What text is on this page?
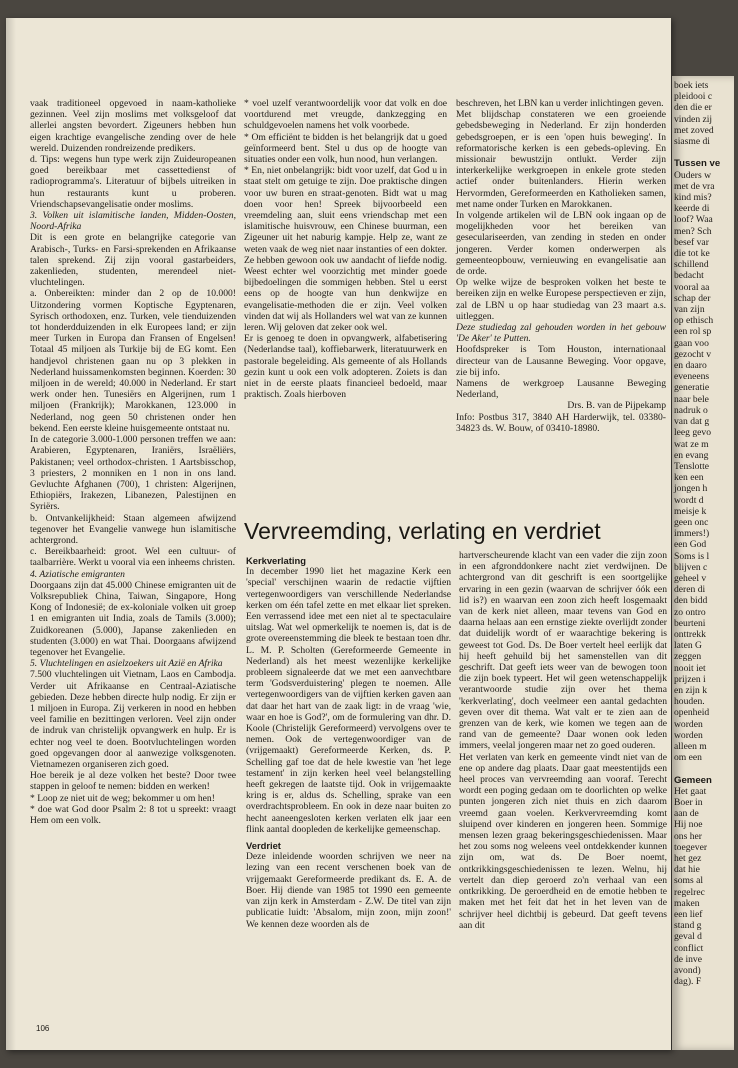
vaak traditioneel opgevoed in naam-katholieke gezinnen. Veel zijn moslims met volksgeloof dat allerlei angsten bevordert. Zigeuners hebben hun eigen krachtige evangelische zending over de hele wereld. Duizenden rondreizende predikers.

d. Tips: wegens hun type werk zijn Zuideuropeanen goed bereikbaar met cassettedienst of radioprogramma's. Literatuur of bijbels uitreiken in hun restaurants kunt u proberen. Vriendschapsevangelisatie onder moslims.

3. Volken uit islamitische landen, Midden-Oosten, Noord-Afrika

Dit is een grote en belangrijke categorie van Arabisch-, Turks- en Farsi-sprekenden en Afrikaanse talen sprekend. Zij zijn vooral gastarbeiders, zakenlieden, studenten, merendeel niet-vluchtelingen.

a. Onbereikten: minder dan 2 op de 10.000! Uitzondering vormen Koptische Egyptenaren, Syrisch orthodoxen, enz. Turken, vele tienduizenden tot honderdduizenden in elk Europees land; er zijn meer Turken in Europa dan Fransen of Engelsen! Totaal 45 miljoen als Turkije bij de EG komt. Een handjevol christenen gaan nu op 3 plekken in Nederland huissamenkomsten beginnen. Koerden: 30 miljoen in de wereld; 40.000 in Nederland. Er start werk onder hen. Tunesiërs en Algerijnen, rum 1 miljoen (Frankrijk); Marokkanen, 123.000 in Nederland, nog geen 50 christenen onder hen bekend. Een eerste kleine huisgemeente ontstaat nu.

In de categorie 3.000-1.000 personen treffen we aan: Arabieren, Egyptenaren, Iraniërs, Israëliërs, Pakistanen; veel orthodox-christen. 1 Aartsbisschop, 3 priesters, 2 monniken en 1 non in ons land. Gevluchte Afghanen (700), 1 christen: Algerijnen, Ethiopiërs, Irakezen, Libanezen, Palestijnen en Syriërs.

b. Ontvankelijkheid: Staan algemeen afwijzend tegenover het Evangelie vanwege hun islamitische achtergrond.

c. Bereikbaarheid: groot. Wel een cultuur- of taalbarrière. Werkt u vooral via een inheems christen.

4. Aziatische emigranten

Doorgaans zijn dat 45.000 Chinese emigranten uit de Volksrepubliek China, Taiwan, Singapore, Hong Kong of Indonesië; de ex-koloniale volken uit groep 1 en emigranten uit India, zoals de Tamils (3.000); Zuidkoreanen (5.000), Japanse zakenlieden en studenten (3.000) en wat Thai. Doorgaans afwijzend tegenover het Evangelie.

5. Vluchtelingen en asielzoekers uit Azië en Afrika

7.500 vluchtelingen uit Vietnam, Laos en Cambodja. Verder uit Afrikaanse en Centraal-Aziatische gebieden. Deze hebben directe hulp nodig. Er zijn er 1 miljoen in Europa. Zij verkeren in nood en hebben veel familie en bezittingen verloren. Veel zijn onder de indruk van christelijk opvangwerk en hulp. Er is echter nog veel te doen. Bootvluchtelingen worden goed opgevangen door al aanwezige volksgenoten. Vietnamezen organiseren zich goed.

Hoe bereik je al deze volken het beste? Door twee stappen in geloof te nemen: bidden en werken!

* Loop ze niet uit de weg; bekommer u om hen!

* doe wat God door Psalm 2: 8 tot u spreekt: vraagt Hem om een volk.

* voel uzelf verantwoordelijk voor dat volk en doe voortdurend met vreugde, dankzegging en schuldgevoelen namens het volk voorbede.

* Om efficiënt te bidden is het belangrijk dat u goed geïnformeerd bent. Stel u dus op de hoogte van situaties onder een volk, hun nood, hun verlangen.

* En, niet onbelangrijk: bidt voor uzelf, dat God u in staat stelt om getuige te zijn. Doe praktische dingen voor uw buren en straat-genoten. Bidt wat u mag doen voor hen! Spreek bijvoorbeeld een vreemdeling aan, sluit eens vriendschap met een islamitische huisvrouw, een Chinese buurman, een Zigeuner uit het naburig kampje. Help ze, want ze weten vaak de weg niet naar instanties of een dokter. Ze hebben gewoon ook uw aandacht of liefde nodig. Weest echter wel voorzichtig met minder goede bijbedoelingen die sommigen hebben. Stel u eerst eens op de hoogte van hun denkwijze en evangelisatie-methoden die er zijn. Veel volken vinden dat wij als Hollanders wel wat van ze kunnen leren. Wij geloven dat zeker ook wel.

Er is genoeg te doen in opvangwerk, alfabetisering (Nederlandse taal), koffiebarwerk, literatuurwerk en pastorale begeleiding. Als gemeente of als Hollands gezin kunt u ook een volk adopteren. Zoiets is dan niet in de eerste plaats financieel bedoeld, maar praktisch. Zoals hierboven

beschreven, het LBN kan u verder inlichtingen geven.

Met blijdschap constateren we een groeiende gebedsbeweging in Nederland. Er zijn honderden gebedsgroepen, er is een 'open huis beweging'. In reformatorische kerken is een gebeds-opleving. En missionair bewustzijn ontlukt. Verder zijn interkerkelijke werkgroepen in enkele grote steden actief onder buitenlanders. Hierin werken Hervormden, Gereformeerden en Katholieken samen, met name onder Turken en Marokkanen.

In volgende artikelen wil de LBN ook ingaan op de mogelijkheden voor het bereiken van geseculariseerden, van zending in steden en onder jongeren. Verder komen onderwerpen als gemeenteopbouw, vernieuwing en evangelisatie aan de orde.

Op welke wijze de besproken volken het beste te bereiken zijn en welke Europese perspectieven er zijn, zal de LBN u op haar studiedag van 23 maart a.s. uitleggen.

Deze studiedag zal gehouden worden in het gebouw 'De Aker' te Putten.

Hoofdspreker is Tom Houston, internationaal directeur van de Lausanne Beweging. Voor opgave, zie bij info.

Namens de werkgroep Lausanne Beweging Nederland,

Drs. B. van de Pijpekamp

Info: Postbus 317, 3840 AH Harderwijk, tel. 03380-34823 ds. W. Bouw, of 03410-18980.

Vervreemding, verlating en verdriet

Kerkverlating

In december 1990 liet het magazine Kerk een 'special' verschijnen waarin de redactie vijftien vertegenwoordigers van verschillende Nederlandse kerken om één tafel zette en met elkaar liet spreken. Een verrassend idee met een niet al te spectaculaire uitslag. Wat wel opmerkelijk te noemen is, dat is de grote overeenstemming die bleek te bestaan toen dhr. L. M. P. Scholten (Gereformeerde Gemeente in Nederland) als het meest wezenlijke kerkelijke probleem signaleerde dat we met een aanvechtbare term 'Godsverduistering' plegen te noemen. Alle vertegenwoordigers van de vijftien kerken gaven aan dat daar het hart van de zaak ligt: in de vraag 'wie, waar en hoe is God?', om de formulering van dhr. D. Koole (Christelijk Gereformeerd) vervolgens over te nemen. Ook de vertegenwoordiger van de (vrijgemaakt) Gereformeerde Kerken, ds. P. Schelling gaf toe dat de hele kwestie van 'het lege testament' in zijn kerken heel veel belangstelling heeft gekregen de laatste tijd. Ook in vrijgemaakte kring is er, aldus ds. Schelling, sprake van een overdrachtsprobleem. En ook in deze naar buiten zo hecht aaneengesloten kerken verlaten elk jaar een flink aantal doopleden de kerkelijke gemeenschap.

Verdriet

Deze inleidende woorden schrijven we neer na lezing van een recent verschenen boek van de vrijgemaakt Gereformeerde predikant ds. E. A. de Boer. Hij diende van 1985 tot 1990 een gemeente van zijn kerk in Amsterdam - Z.W. De titel van zijn publicatie luidt: 'Absalom, mijn zoon, mijn zoon!' We kennen deze woorden als de

hartverscheurende klacht van een vader die zijn zoon in een afgronddonkere nacht ziet verdwijnen. De achtergrond van dit geschrift is een soortgelijke ervaring in een gezin (waarvan de schrijver óók een lid is?) en waarvan een zoon zich heeft losgemaakt van de kerk niet alleen, maar tevens van God en daarna helaas aan een ernstige ziekte overlijdt zonder dat duidelijk wordt of er waarachtige bekering is geweest tot God. Ds. De Boer vertelt heel eerlijk dat hij heeft gehuild bij het samenstellen van dit geschrift. Dat geeft iets weer van de bewogen toon die zijn boek typeert. Het wil geen wetenschappelijk verantwoorde studie zijn over het thema 'kerkverlating', doch veelmeer een aantal gedachten geven over dit thema. Wat valt er te zien aan de grenzen van de kerk, wie komen we tegen aan de rand van de gemeente? Daar wonen ook leden immers, veelal jongeren maar net zo goed ouderen.

Het verlaten van kerk en gemeente vindt niet van de ene op andere dag plaats. Daar gaat meestentijds een heel proces van vervreemding aan vooraf. Terecht wordt een poging gedaan om te doorlichten op welke punten jongeren zich niet thuis en zich daarom vreemd gaan voelen. Kerkvervreemding komt sluipend over kinderen en jongeren heen. Sommige mensen lezen graag bekeringsgeschiedenissen. Maar het zou soms nog weleens veel ontdekkender kunnen zijn om, wat ds. De Boer noemt, ontkrikkingsgeschiedenissen te lezen. Welnu, hij vertelt dan diep geroerd zo'n verhaal van een ontkrikking. De geroerdheid en de emotie hebben te maken met het feit dat het in het leven van de schrijver heel dichtbij is gebeurd. Dat geeft tevens aan dit

106
boek iets
pleidooi c
den die er
vinden zij
met zoved
siasme di

Tussen ve
Ouders w
met de vra
kind mis?
keerde di
loof? Waa
men? Sch
besef var
die tot ke
schillend
bedacht
vooral aa
schap der
van zijn
op ethisch
een rol sp
gaan voo
gezocht v
en daaro
eveneens
generatie
naar bele
nadruk o
van dat g
leeg gevo
wat ze m
en evang
Tenslotte
ken een
jongen h
wordt d
meisje k
geen onc
immers!)
een God
Soms is l
blijven c
geheel v
deren di
den bidd
zo ontro
beurteni
onttrekk
laten G
zeggen
nooit iet
prijzen i
en zijn k
houden.
openheid
worden
worden
alleen m
om een

Gemeen
Het gaat
Boer in
aan de
Hij noe
ons her
toegever
het gez
dat hie
soms al
regelrec
maken
een lief
stand g
geval d
conflict
de inve
avond)
dag). F
